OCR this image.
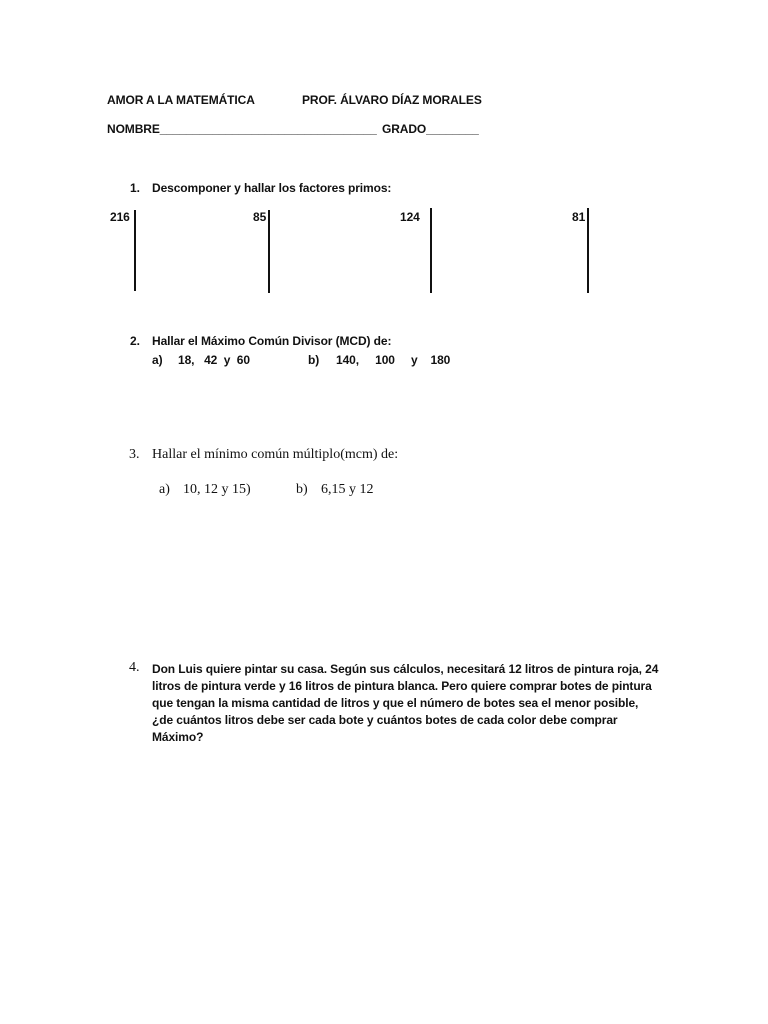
AMOR A LA MATEMÁTICA	PROF. ÁLVARO DÍAZ MORALES
NOMBRE_________________________________ GRADO________
1. Descomponer y hallar los factores primos:
216	85	124	81
2. Hallar el Máximo Común Divisor (MCD) de:
a) 18,   42  y  60	b) 140,     100     y    180
3. Hallar el mínimo común múltiplo(mcm) de:
a) 10, 12 y 15)	b) 6,15 y 12
4. Don Luis quiere pintar su casa. Según sus cálculos, necesitará 12 litros de pintura roja, 24
litros de pintura verde y 16 litros de pintura blanca. Pero quiere comprar botes de pintura
que tengan la misma cantidad de litros y que el número de botes sea el menor posible,
¿de cuántos litros debe ser cada bote y cuántos botes de cada color debe comprar
Máximo?
